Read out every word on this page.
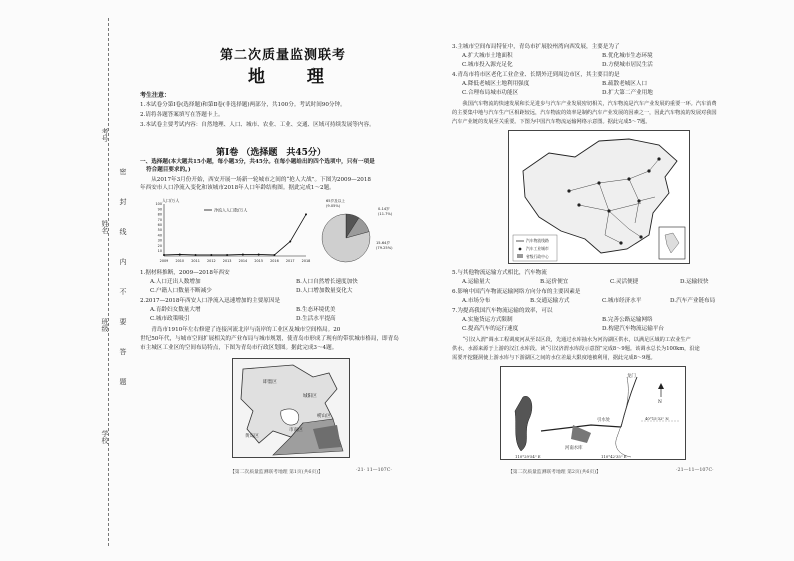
考号
姓名
班级
学校
密
封
线
内
不
要
答
题
第二次质量监测联考
地 理
考生注意：
1.本试卷分第Ⅰ卷(选择题)和第Ⅱ卷(非选择题)两部分，共100分。考试时间90分钟。
2.请将各题答案填写在答题卡上。
3.本试卷主要考试内容：自然地理、人口、城市、农业、工业、交通、区域可持续发展等内容。
第Ⅰ卷 （选择题　共45分）
一、选择题(本大题共15小题，每小题3分，共45分。在每小题给出的四个选项中，只有一项是
符合题目要求的。)
　　从2017年3月份开始，西安开展一场新一轮城市之间的“抢人大战”。下图为2009—2018
年西安市人口净流入变化和该城市2018年人口年龄结构图。据此完成1～2题。
人口/万人
10
20
30
40
50
60
70
80
90
100
2009 2010 2011 2012 2013 2014 2015 2016 2017 2018
净流入人口数/万人
65岁及以上
(9.05%)
0-14岁
(11.7%)
15-64岁
(79.25%)
1.据材料推断，2009—2018年西安
A.人口迁出人数增加	B.人口自然增长速度加快
C.户籍人口数量不断减少	D.人口增加数量变化大
2.2017—2018年西安人口净流入迅速增加的主要原因是
A.育龄妇女数量大增	B.生态环境优美
C.城市政策吸引	D.生活水平提高
　　青岛市1910年左右修建了连接河流北岸与南岸的工业区及城市空间格局。20
世纪50年代，与城市空间扩展相关的产业布局与城市规划，使青岛市形成了现有的带状城市格局，即青岛
市主城区工业区的空间布局特点，下图为青岛市行政区划图。据此完成3～4题。
即墨区
黄岛区
城阳区
崂山区
市南区
【第二次质量监测联考地理 第1页(共6页)】	·21· 11—107C·
3.主城市空间布局特征中，青岛市扩展胶州湾向西发展，主要是为了
A.扩大城市土地面积	B.优化城市生态环境
C.城市投入源充足化	D.方便城市居民生活
4.青岛市将市区老化工业企业、长期外迁到周边市区，其主要目的是
A.降低老城区土地利用强度	B.疏散老城区人口
C.合理布局城市功能区	D.扩大第二产业用地
　　我国汽车物流的快速发展和长足进步与汽车产业发展密切相关，汽车物流是汽车产业发展的重要一环。汽车消费
的主要集中地与汽车生产区相距较远，汽车物流的效率是制约汽车产业发展的因素之一，因此汽车物流的发展对我国
汽车产业链的发展至关重要。下图为中国汽车物流运输网络示意图。据此完成5～7题。
汽车物流线路
汽车工业城市
省级行政中心
5.与其他物流运输方式相比，汽车物流
A.运输量大	B.运价便宜	C.灵活便捷	D.运输较快
6.影响中国汽车物流运输网络方向分布的主要因素是
A.市场分布	B.交通运输方式	C.城市经济水平	D.汽车产业链布局
7.为提高我国汽车物流运输的效率，可以
A.实施货运方式限制	B.完善公路运输网络
C.提高汽车的运行速度	D.构建汽车物流运输平台
　　“引汉入渭”调水工程调度河从至以区段，先通过水库抽水为河沟湖区供水，以满足区域的工农业生产
供水，水源来源于上游的汉江水库段。读“引汉济渭水库段示意图”完成8～9题。该调水总长为100km，沿途
需要开挖隧洞使上游水库与下游湖区之间的水位差最大限度地被利用，据此完成8～9题。
龙门
河南水库
引水处
110°29'54" E	110°42'35" E
40°15'32" N
N
【第二次质量监测联考地理 第2页(共6页)】	·21—11—107C·
